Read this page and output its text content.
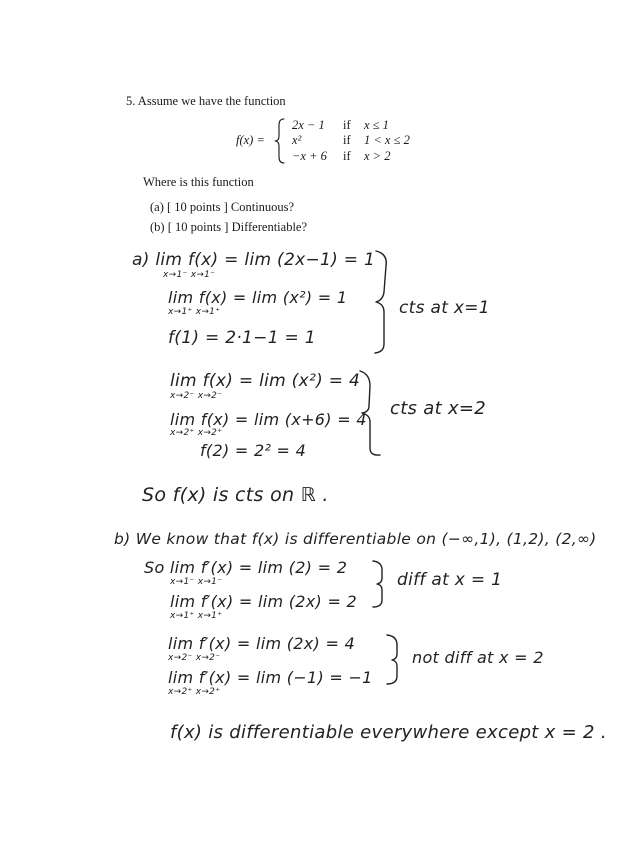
5. Assume we have the function
f(x) =
2x − 1 if x ≤ 1
x²	if 1 < x ≤ 2
−x + 6 if x > 2
Where is this function
(a) [ 10 points ] Continuous?
(b) [ 10 points ] Differentiable?
a) lim f(x) = lim (2x−1) = 1
x→1⁻ x→1⁻
lim f(x) = lim (x²) = 1
x→1⁺ x→1⁺
f(1) = 2·1−1 = 1
cts at x=1
lim f(x) = lim (x²) = 4
x→2⁻ x→2⁻
lim f(x) = lim (x+6) = 4
x→2⁺ x→2⁺
f(2) = 2² = 4
cts at x=2
So f(x) is cts on ℝ .
b) We know that f(x) is differentiable on (−∞,1), (1,2), (2,∞)
So lim f′(x) = lim (2) = 2
x→1⁻ x→1⁻
lim f′(x) = lim (2x) = 2
x→1⁺ x→1⁺
diff at x = 1
lim f′(x) = lim (2x) = 4
x→2⁻ x→2⁻
lim f′(x) = lim (−1) = −1
x→2⁺ x→2⁺
not diff at x = 2
f(x) is differentiable everywhere except x = 2 .
